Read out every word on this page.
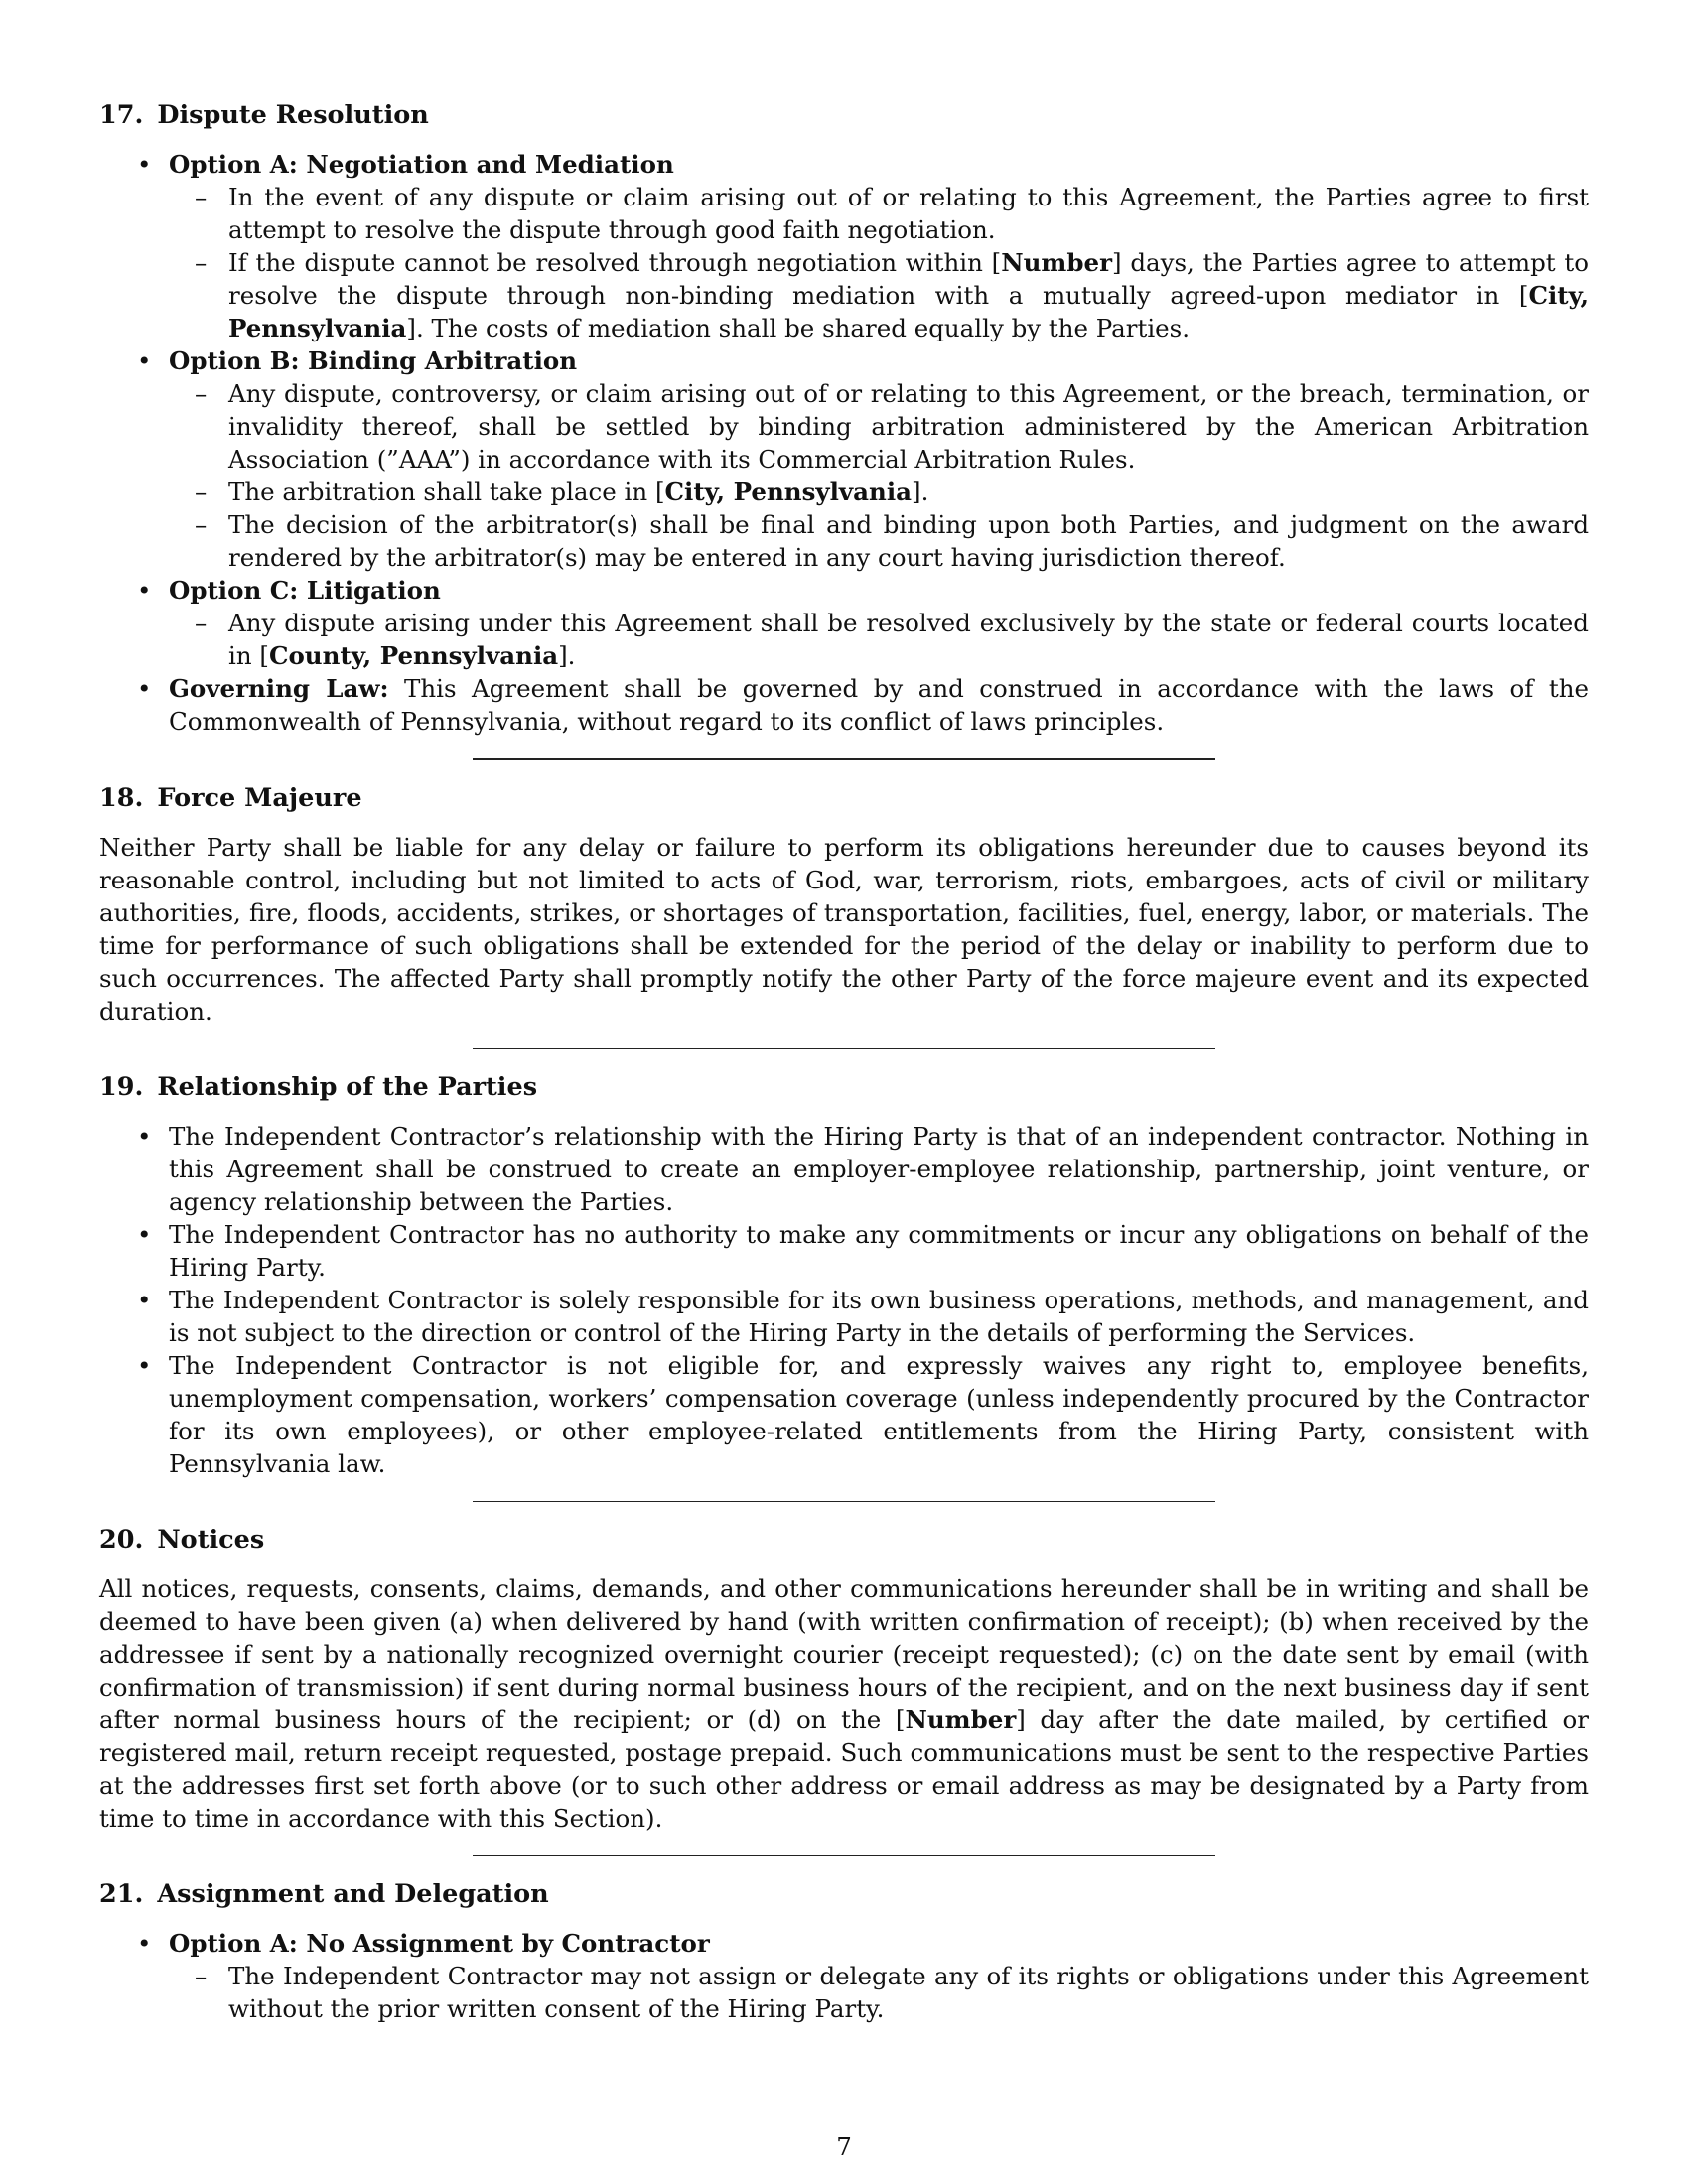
17. Dispute Resolution
• Option A: Negotiation and Mediation
– In the event of any dispute or claim arising out of or relating to this Agreement, the Parties agree to first attempt to resolve the dispute through good faith negotiation.
– If the dispute cannot be resolved through negotiation within [Number] days, the Parties agree to attempt to resolve the dispute through non-binding mediation with a mutually agreed-upon mediator in [City, Pennsylvania]. The costs of mediation shall be shared equally by the Parties.
• Option B: Binding Arbitration
– Any dispute, controversy, or claim arising out of or relating to this Agreement, or the breach, termination, or invalidity thereof, shall be settled by binding arbitration administered by the American Arbitration Association (”AAA”) in accordance with its Commercial Arbitration Rules.
– The arbitration shall take place in [City, Pennsylvania].
– The decision of the arbitrator(s) shall be final and binding upon both Parties, and judgment on the award rendered by the arbitrator(s) may be entered in any court having jurisdiction thereof.
• Option C: Litigation
– Any dispute arising under this Agreement shall be resolved exclusively by the state or federal courts located in [County, Pennsylvania].
• Governing Law: This Agreement shall be governed by and construed in accordance with the laws of the Commonwealth of Pennsylvania, without regard to its conflict of laws principles.
18. Force Majeure

Neither Party shall be liable for any delay or failure to perform its obligations hereunder due to causes beyond its reasonable control, including but not limited to acts of God, war, terrorism, riots, embargoes, acts of civil or military authorities, fire, floods, accidents, strikes, or shortages of transportation, facilities, fuel, energy, labor, or materials. The time for performance of such obligations shall be extended for the period of the delay or inability to perform due to such occurrences. The affected Party shall promptly notify the other Party of the force majeure event and its expected duration.

19. Relationship of the Parties
• The Independent Contractor’s relationship with the Hiring Party is that of an independent contractor. Nothing in this Agreement shall be construed to create an employer-employee relationship, partnership, joint venture, or agency relationship between the Parties.
• The Independent Contractor has no authority to make any commitments or incur any obligations on behalf of the Hiring Party.
• The Independent Contractor is solely responsible for its own business operations, methods, and management, and is not subject to the direction or control of the Hiring Party in the details of performing the Services.
• The Independent Contractor is not eligible for, and expressly waives any right to, employee benefits, unemployment compensation, workers’ compensation coverage (unless independently procured by the Contractor for its own employees), or other employee-related entitlements from the Hiring Party, consistent with Pennsylvania law.
20. Notices

All notices, requests, consents, claims, demands, and other communications hereunder shall be in writing and shall be deemed to have been given (a) when delivered by hand (with written confirmation of receipt); (b) when received by the addressee if sent by a nationally recognized overnight courier (receipt requested); (c) on the date sent by email (with confirmation of transmission) if sent during normal business hours of the recipient, and on the next business day if sent after normal business hours of the recipient; or (d) on the [Number] day after the date mailed, by certified or registered mail, return receipt requested, postage prepaid. Such communications must be sent to the respective Parties at the addresses first set forth above (or to such other address or email address as may be designated by a Party from time to time in accordance with this Section).

21. Assignment and Delegation
• Option A: No Assignment by Contractor
– The Independent Contractor may not assign or delegate any of its rights or obligations under this Agreement without the prior written consent of the Hiring Party.
7
